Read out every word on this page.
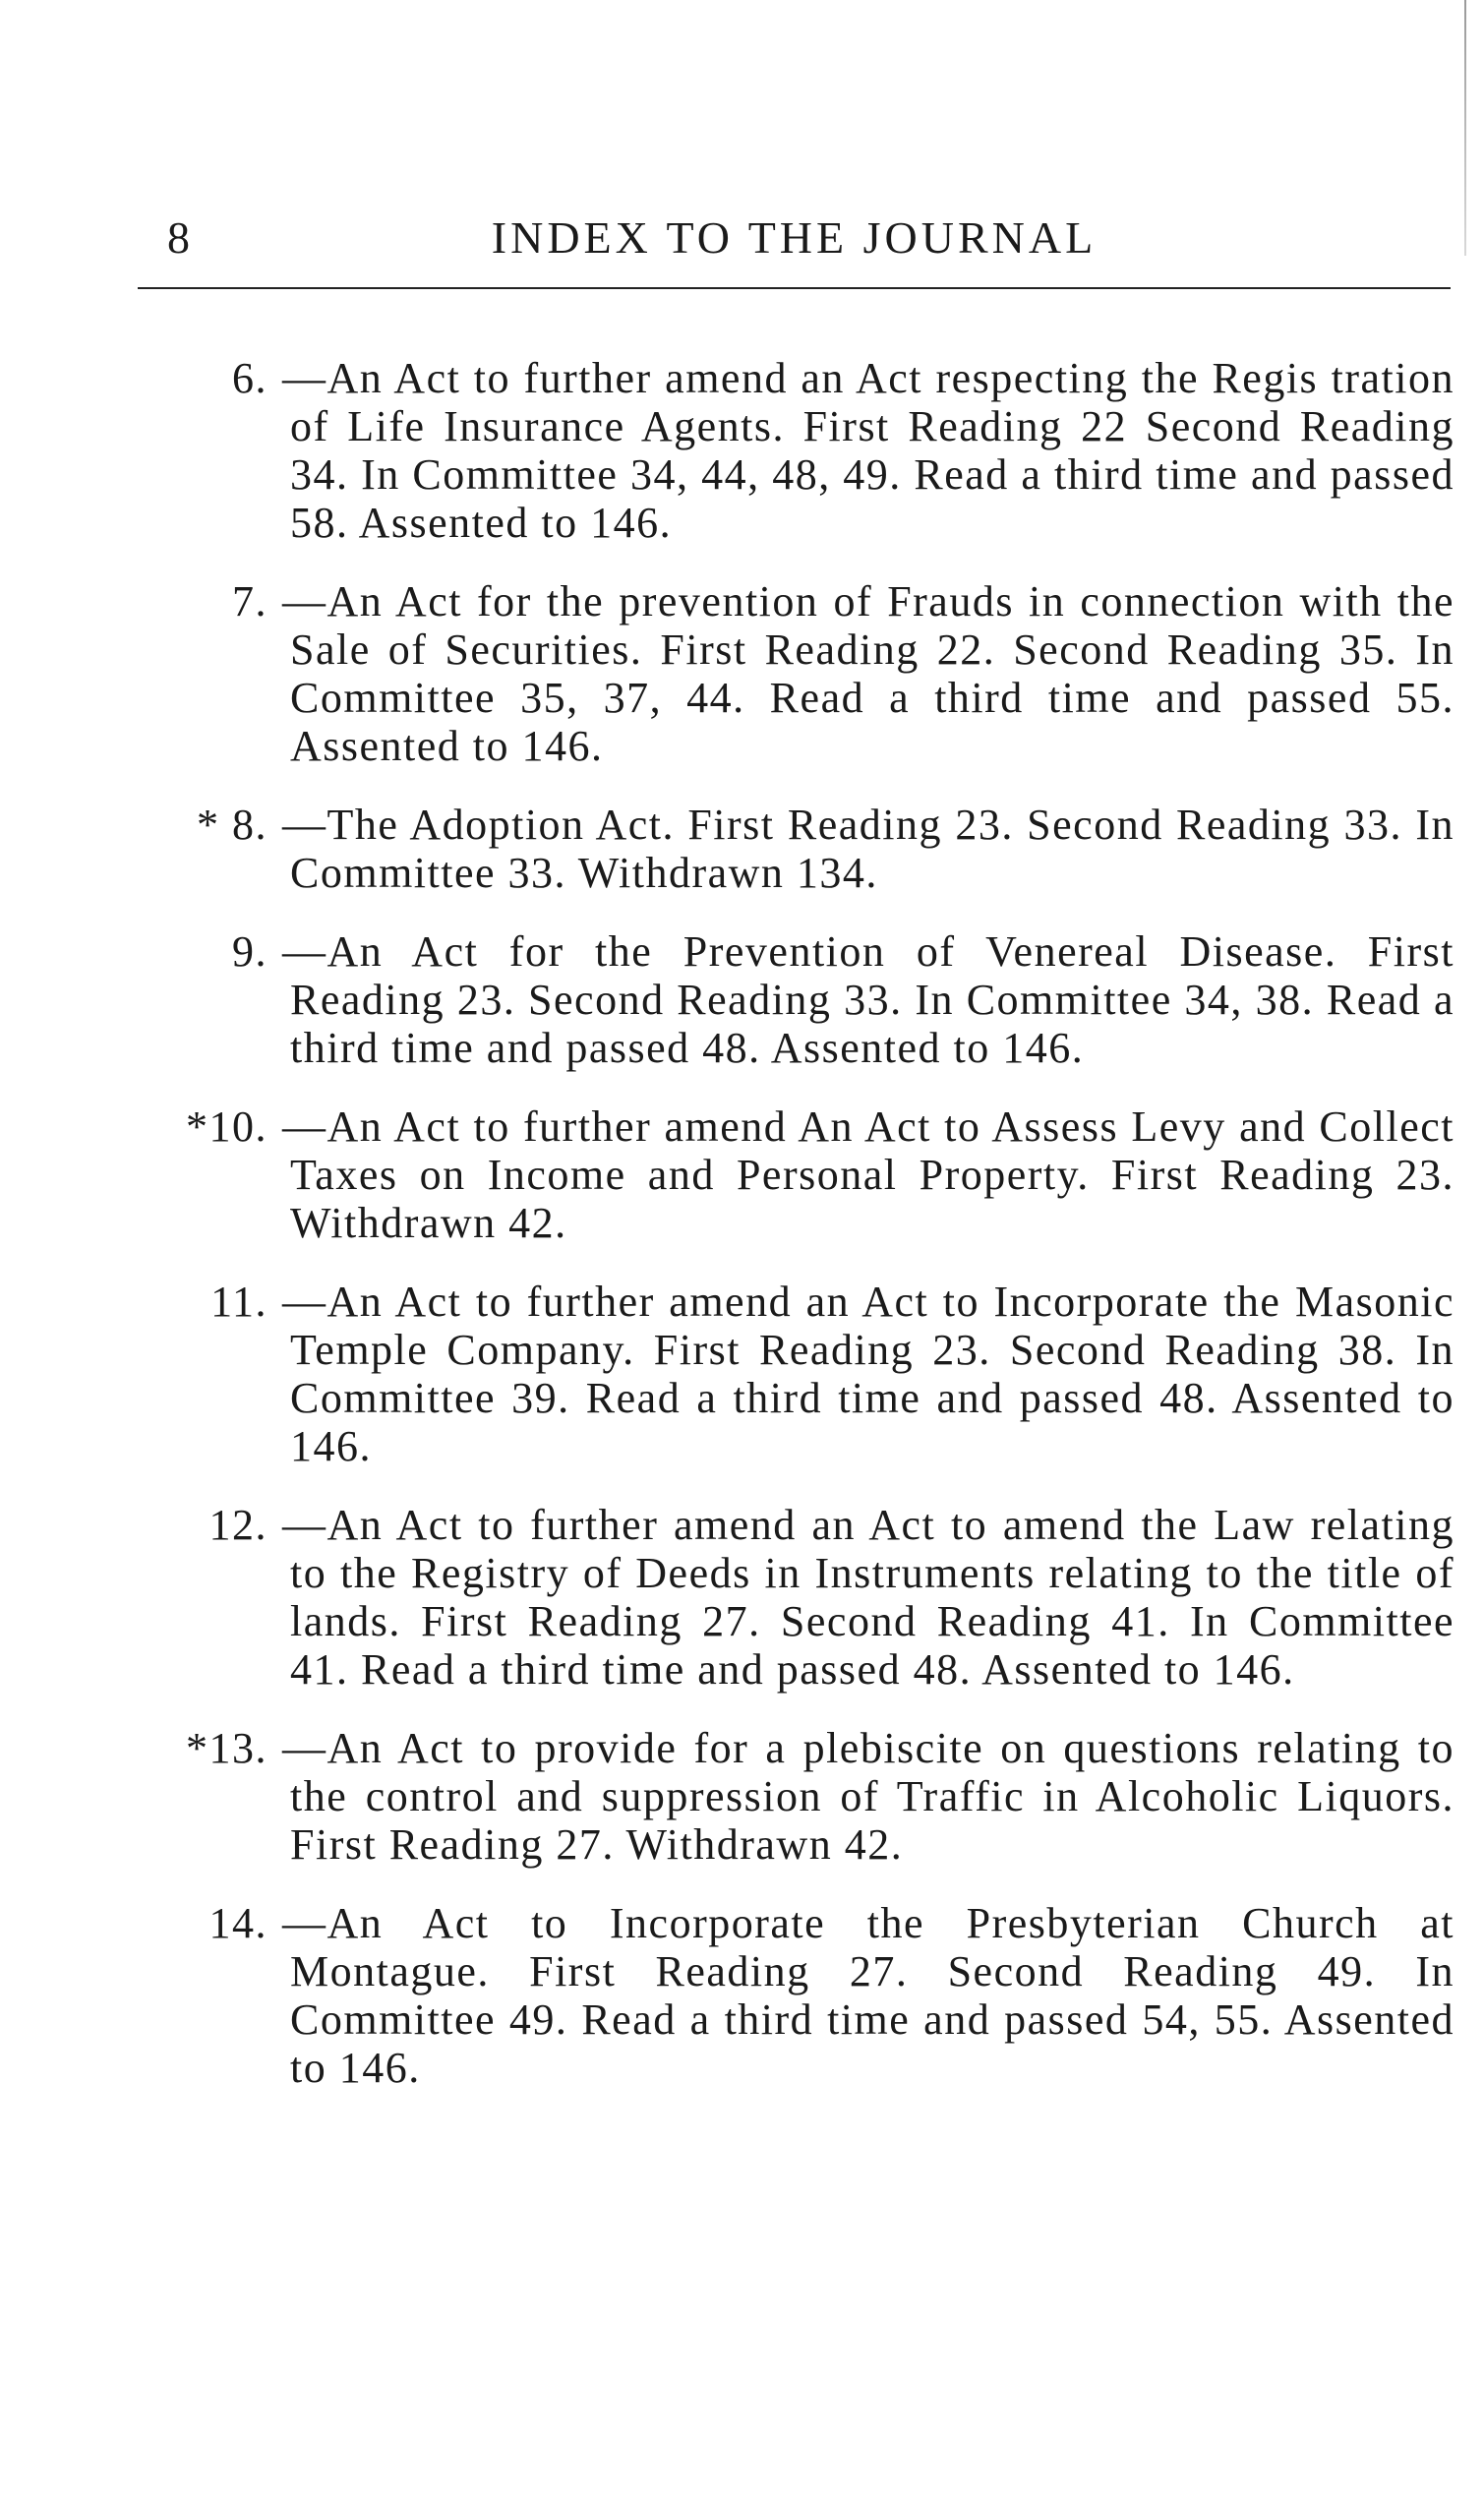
8	INDEX TO THE JOURNAL
6. —An Act to further amend an Act respecting the Regis tration of Life Insurance Agents. First Reading 22 Second Reading 34. In Committee 34, 44, 48, 49. Read a third time and passed 58. Assented to 146.
7. —An Act for the prevention of Frauds in connection with the Sale of Securities. First Reading 22. Second Reading 35. In Committee 35, 37, 44. Read a third time and passed 55. Assented to 146.
* 8. —The Adoption Act. First Reading 23. Second Reading 33. In Committee 33. Withdrawn 134.
9. —An Act for the Prevention of Venereal Disease. First Reading 23. Second Reading 33. In Committee 34, 38. Read a third time and passed 48. Assented to 146.
*10. —An Act to further amend An Act to Assess Levy and Collect Taxes on Income and Personal Property. First Reading 23. Withdrawn 42.
11. —An Act to further amend an Act to Incorporate the Masonic Temple Company. First Reading 23. Second Reading 38. In Committee 39. Read a third time and passed 48. Assented to 146.
12. —An Act to further amend an Act to amend the Law relating to the Registry of Deeds in Instruments relating to the title of lands. First Reading 27. Second Reading 41. In Committee 41. Read a third time and passed 48. Assented to 146.
*13. —An Act to provide for a plebiscite on questions relating to the control and suppression of Traffic in Alcoholic Liquors. First Reading 27. Withdrawn 42.
14. —An Act to Incorporate the Presbyterian Church at Montague. First Reading 27. Second Reading 49. In Committee 49. Read a third time and passed 54, 55. Assented to 146.
